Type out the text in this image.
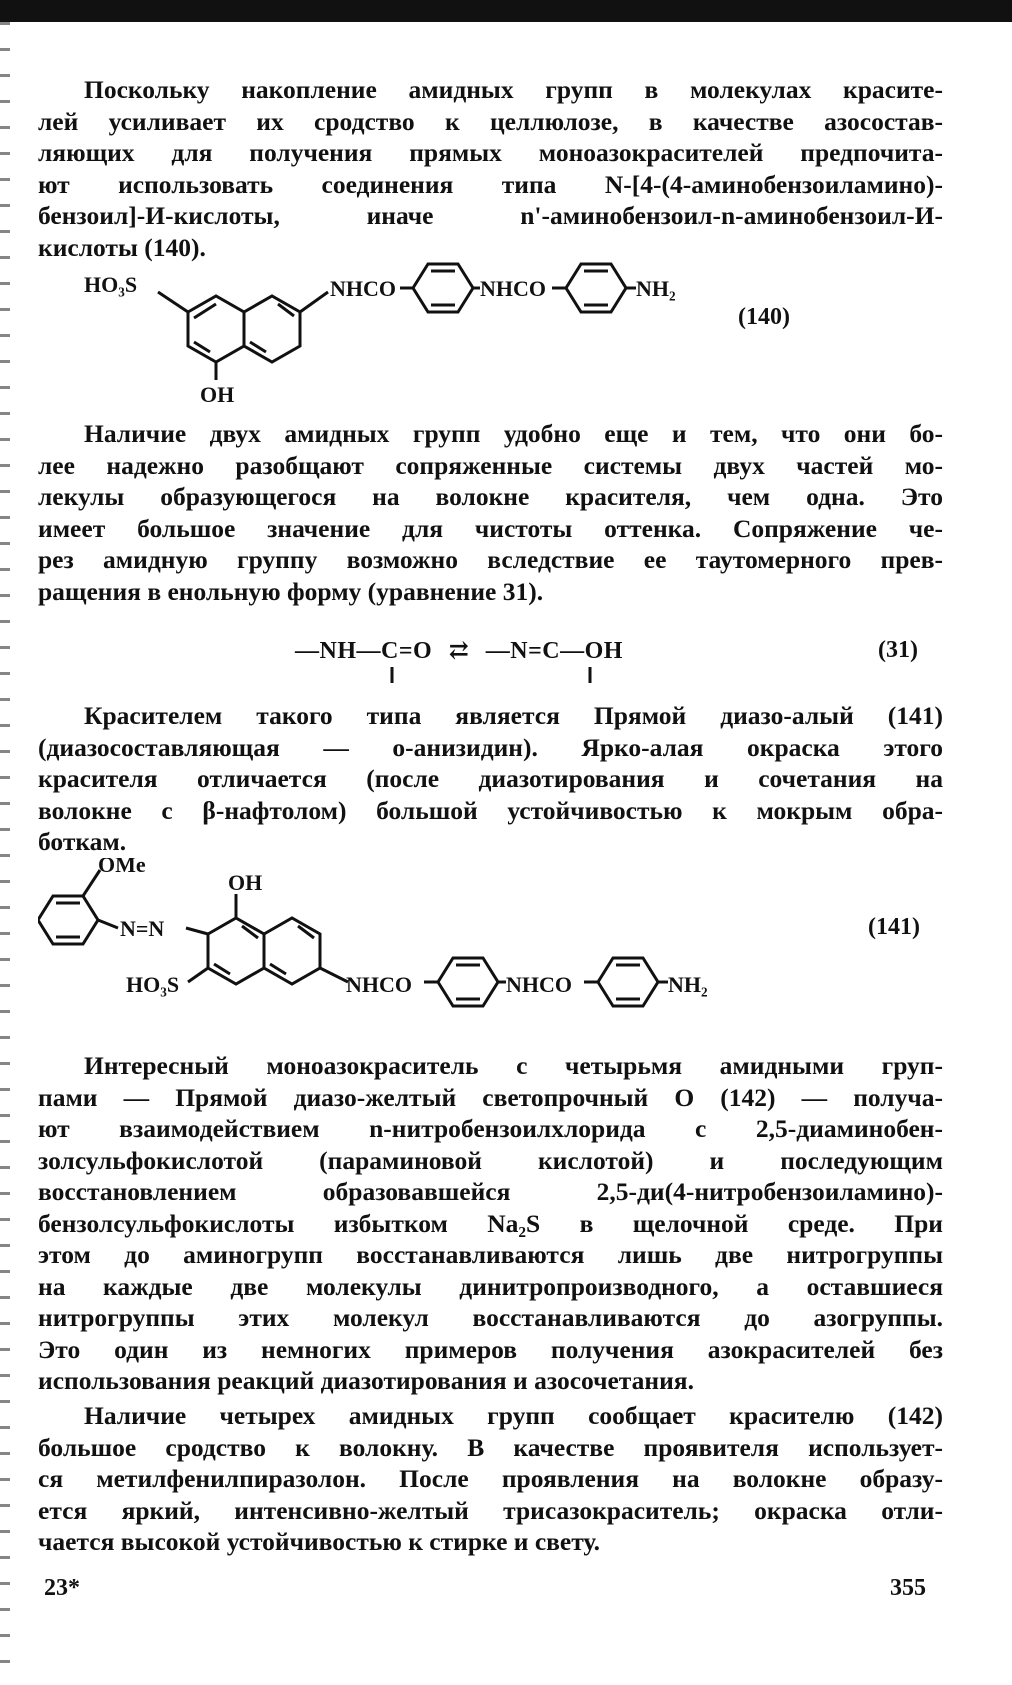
Поскольку накопление амидных групп в молекулах красите-
лей усиливает их сродство к целлюлозе, в качестве азосостав-
ляющих для получения прямых моноазокрасителей предпочита-
ют использовать соединения типа N-[4-(4-аминобензоиламино)-
бензоил]-И-кислоты, иначе n'-аминобензоил-n-аминобензоил-И-
кислоты (140).
HO₃S
OH
NHCO	NHCO	NH₂
(140)
Наличие двух амидных групп удобно еще и тем, что они бо-
лее надежно разобщают сопряженные системы двух частей мо-
лекулы образующегося на волокне красителя, чем одна. Это
имеет большое значение для чистоты оттенка. Сопряжение че-
рез амидную группу возможно вследствие ее таутомерного прев-
ращения в енольную форму (уравнение 31).
—NH—C=O ⇄ —N=C—OH	(31)
Красителем такого типа является Прямой диазо-алый (141)
(диазосоставляющая — о-анизидин). Ярко-алая окраска этого
красителя отличается (после диазотирования и сочетания на
волокне с β-нафтолом) большой устойчивостью к мокрым обра-
боткам.
OMe
N=N
OH
HO₃S	NHCO	NHCO	NH₂
(141)
Интересный моноазокраситель с четырьмя амидными груп-
пами — Прямой диазо-желтый светопрочный О (142) — получа-
ют взаимодействием n-нитробензоилхлорида с 2,5-диаминобен-
золсульфокислотой (параминовой кислотой) и последующим
восстановлением образовавшейся 2,5-ди(4-нитробензоиламино)-
бензолсульфокислоты избытком Na₂S в щелочной среде. При
этом до аминогрупп восстанавливаются лишь две нитрогруппы
на каждые две молекулы динитропроизводного, а оставшиеся
нитрогруппы этих молекул восстанавливаются до азогруппы.
Это один из немногих примеров получения азокрасителей без
использования реакций диазотирования и азосочетания.
Наличие четырех амидных групп сообщает красителю (142)
большое сродство к волокну. В качестве проявителя использует-
ся метилфенилпиразолон. После проявления на волокне образу-
ется яркий, интенсивно-желтый трисазокраситель; окраска отли-
чается высокой устойчивостью к стирке и свету.
23*	355
